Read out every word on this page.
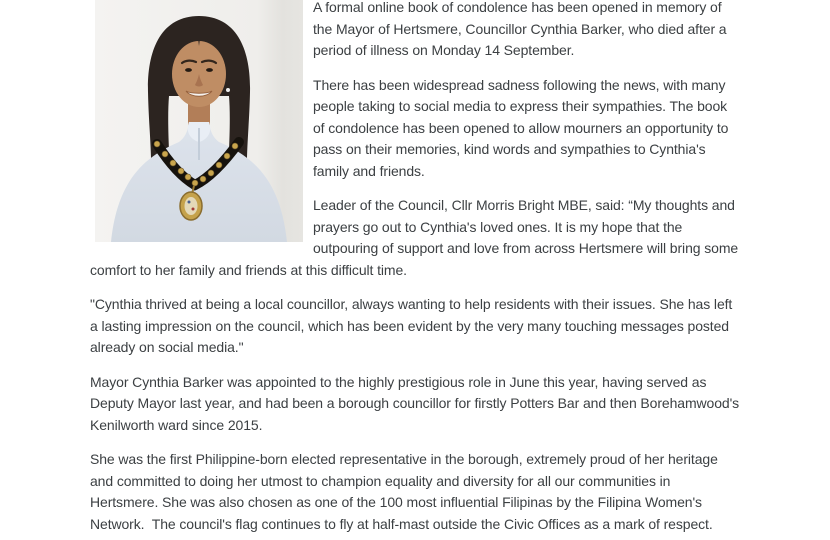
A formal online book of condolence has been opened in memory of the Mayor of Hertsmere, Councillor Cynthia Barker, who died after a period of illness on Monday 14 September.

There has been widespread sadness following the news, with many people taking to social media to express their sympathies. The book of condolence has been opened to allow mourners an opportunity to pass on their memories, kind words and sympathies to Cynthia's family and friends.

Leader of the Council, Cllr Morris Bright MBE, said: “My thoughts and prayers go out to Cynthia's loved ones. It is my hope that the outpouring of support and love from across Hertsmere will bring some comfort to her family and friends at this difficult time.

"Cynthia thrived at being a local councillor, always wanting to help residents with their issues. She has left a lasting impression on the council, which has been evident by the very many touching messages posted already on social media."

Mayor Cynthia Barker was appointed to the highly prestigious role in June this year, having served as Deputy Mayor last year, and had been a borough councillor for firstly Potters Bar and then Borehamwood's Kenilworth ward since 2015.

She was the first Philippine-born elected representative in the borough, extremely proud of her heritage and committed to doing her utmost to champion equality and diversity for all our communities in Hertsmere. She was also chosen as one of the 100 most influential Filipinas by the Filipina Women's Network.  The council's flag continues to fly at half-mast outside the Civic Offices as a mark of respect.
